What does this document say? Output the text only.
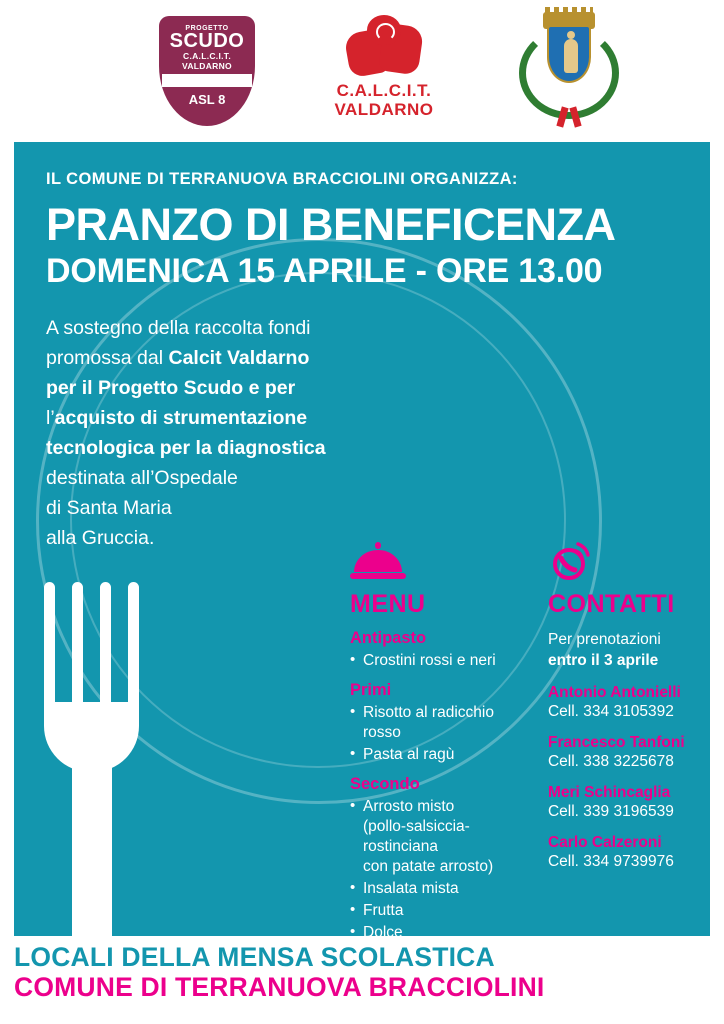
PROGETTO
SCUDO
C.A.L.C.I.T.
VALDARNO
ASL 8	C.A.L.C.I.T.
VALDARNO
IL COMUNE DI TERRANUOVA BRACCIOLINI ORGANIZZA:
PRANZO DI BENEFICENZA
DOMENICA 15 APRILE - ORE 13.00
A sostegno della raccolta fondi
promossa dal Calcit Valdarno
per il Progetto Scudo e per
l’acquisto di strumentazione
tecnologica per la diagnostica
destinata all’Ospedale
di Santa Maria
alla Gruccia.
MENU
Antipasto
• Crostini rossi e neri
Primi
• Risotto al radicchio rosso
• Pasta al ragù
Secondo
• Arrosto misto
(pollo-salsiccia-rostinciana
con patate arrosto)
• Insalata mista
• Frutta
• Dolce
CONTATTI
Per prenotazioni
entro il 3 aprile
Antonio Antonielli
Cell. 334 3105392
Francesco Tanfoni
Cell. 338 3225678
Meri Schincaglia
Cell. 339 3196539
Carlo Calzeroni
Cell. 334 9739976
LOCALI DELLA MENSA SCOLASTICA
COMUNE DI TERRANUOVA BRACCIOLINI
